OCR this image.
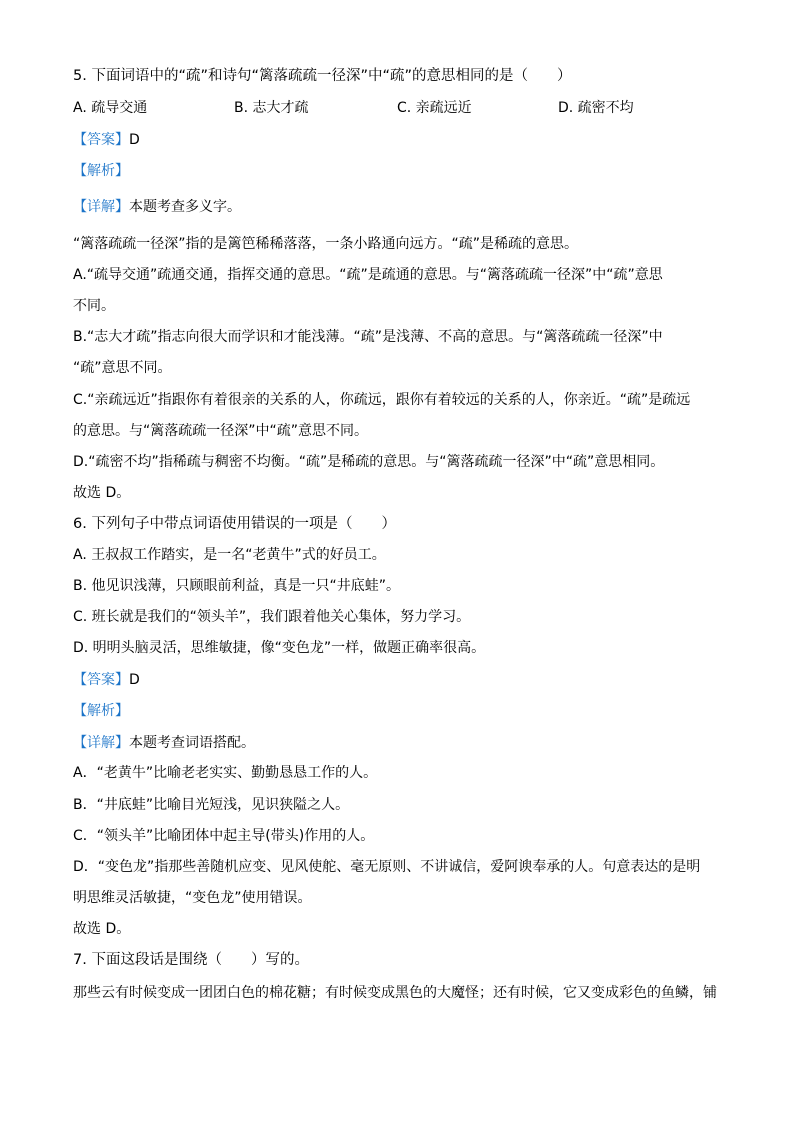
5. 下面词语中的“疏”和诗句“篱落疏疏一径深”中“疏”的意思相同的是（　　）
A. 疏导交通	B. 志大才疏	C. 亲疏远近	D. 疏密不均
【答案】D
【解析】
【详解】本题考查多义字。
“篱落疏疏一径深”指的是篱笆稀稀落落，一条小路通向远方。“疏”是稀疏的意思。
A.“疏导交通”疏通交通，指挥交通的意思。“疏”是疏通的意思。与“篱落疏疏一径深”中“疏”意思
不同。
B.“志大才疏”指志向很大而学识和才能浅薄。“疏”是浅薄、不高的意思。与“篱落疏疏一径深”中
“疏”意思不同。
C.“亲疏远近”指跟你有着很亲的关系的人，你疏远，跟你有着较远的关系的人，你亲近。“疏”是疏远
的意思。与“篱落疏疏一径深”中“疏”意思不同。
D.“疏密不均”指稀疏与稠密不均衡。“疏”是稀疏的意思。与“篱落疏疏一径深”中“疏”意思相同。
故选 D。
6. 下列句子中带点词语使用错误的一项是（　　）
A. 王叔叔工作踏实，是一名“老黄牛”式的好员工。
B. 他见识浅薄，只顾眼前利益，真是一只“井底蛙”。
C. 班长就是我们的“领头羊”，我们跟着他关心集体，努力学习。
D. 明明头脑灵活，思维敏捷，像“变色龙”一样，做题正确率很高。
【答案】D
【解析】
【详解】本题考查词语搭配。
A．“老黄牛”比喻老老实实、勤勤恳恳工作的人。
B．“井底蛙”比喻目光短浅，见识狭隘之人。
C．“领头羊”比喻团体中起主导(带头)作用的人。
D．“变色龙”指那些善随机应变、见风使舵、毫无原则、不讲诚信，爱阿谀奉承的人。句意表达的是明
明思维灵活敏捷，“变色龙”使用错误。
故选 D。
7. 下面这段话是围绕（　　）写的。
那些云有时候变成一团团白色的棉花糖；有时候变成黑色的大魔怪；还有时候，它又变成彩色的鱼鳞，铺
